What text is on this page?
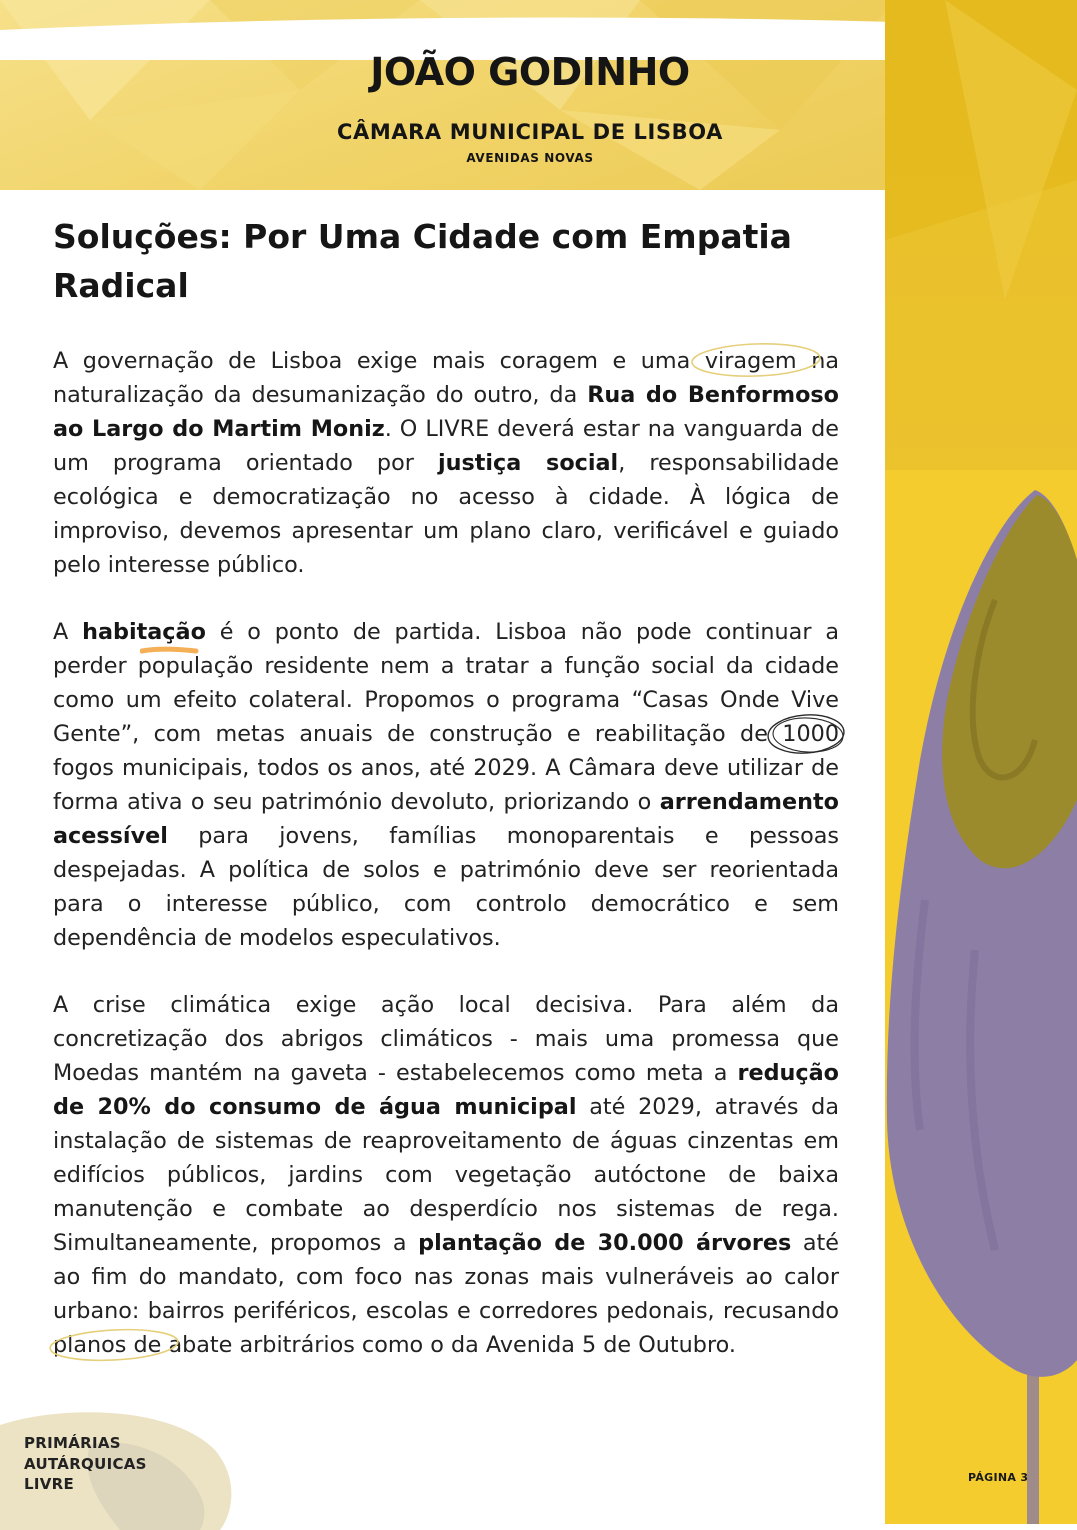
JOÃO GODINHO
CÂMARA MUNICIPAL DE LISBOA
AVENIDAS NOVAS
PRIMÁRIAS
AUTÁRQUICAS
LIVRE	PÁGINA 3
Soluções: Por Uma Cidade com Empatia Radical
A governação de Lisboa exige mais coragem e uma viragem na naturalização da desumanização do outro, da Rua do Benformoso ao Largo do Martim Moniz. O LIVRE deverá estar na vanguarda de um programa orientado por justiça social, responsabilidade ecológica e democratização no acesso à cidade. À lógica de improviso, devemos apresentar um plano claro, verificável e guiado pelo interesse público.
A habitação é o ponto de partida. Lisboa não pode continuar a perder população residente nem a tratar a função social da cidade como um efeito colateral. Propomos o programa “Casas Onde Vive Gente”, com metas anuais de construção e reabilitação de 1000 fogos municipais, todos os anos, até 2029. A Câmara deve utilizar de forma ativa o seu património devoluto, priorizando o arrendamento acessível para jovens, famílias monoparentais e pessoas despejadas. A política de solos e património deve ser reorientada para o interesse público, com controlo democrático e sem dependência de modelos especulativos.
A crise climática exige ação local decisiva. Para além da concretização dos abrigos climáticos - mais uma promessa que Moedas mantém na gaveta - estabelecemos como meta a redução de 20% do consumo de água municipal até 2029, através da instalação de sistemas de reaproveitamento de águas cinzentas em edifícios públicos, jardins com vegetação autóctone de baixa manutenção e combate ao desperdício nos sistemas de rega. Simultaneamente, propomos a plantação de 30.000 árvores até ao fim do mandato, com foco nas zonas mais vulneráveis ao calor urbano: bairros periféricos, escolas e corredores pedonais, recusando planos de abate arbitrários como o da Avenida 5 de Outubro.
